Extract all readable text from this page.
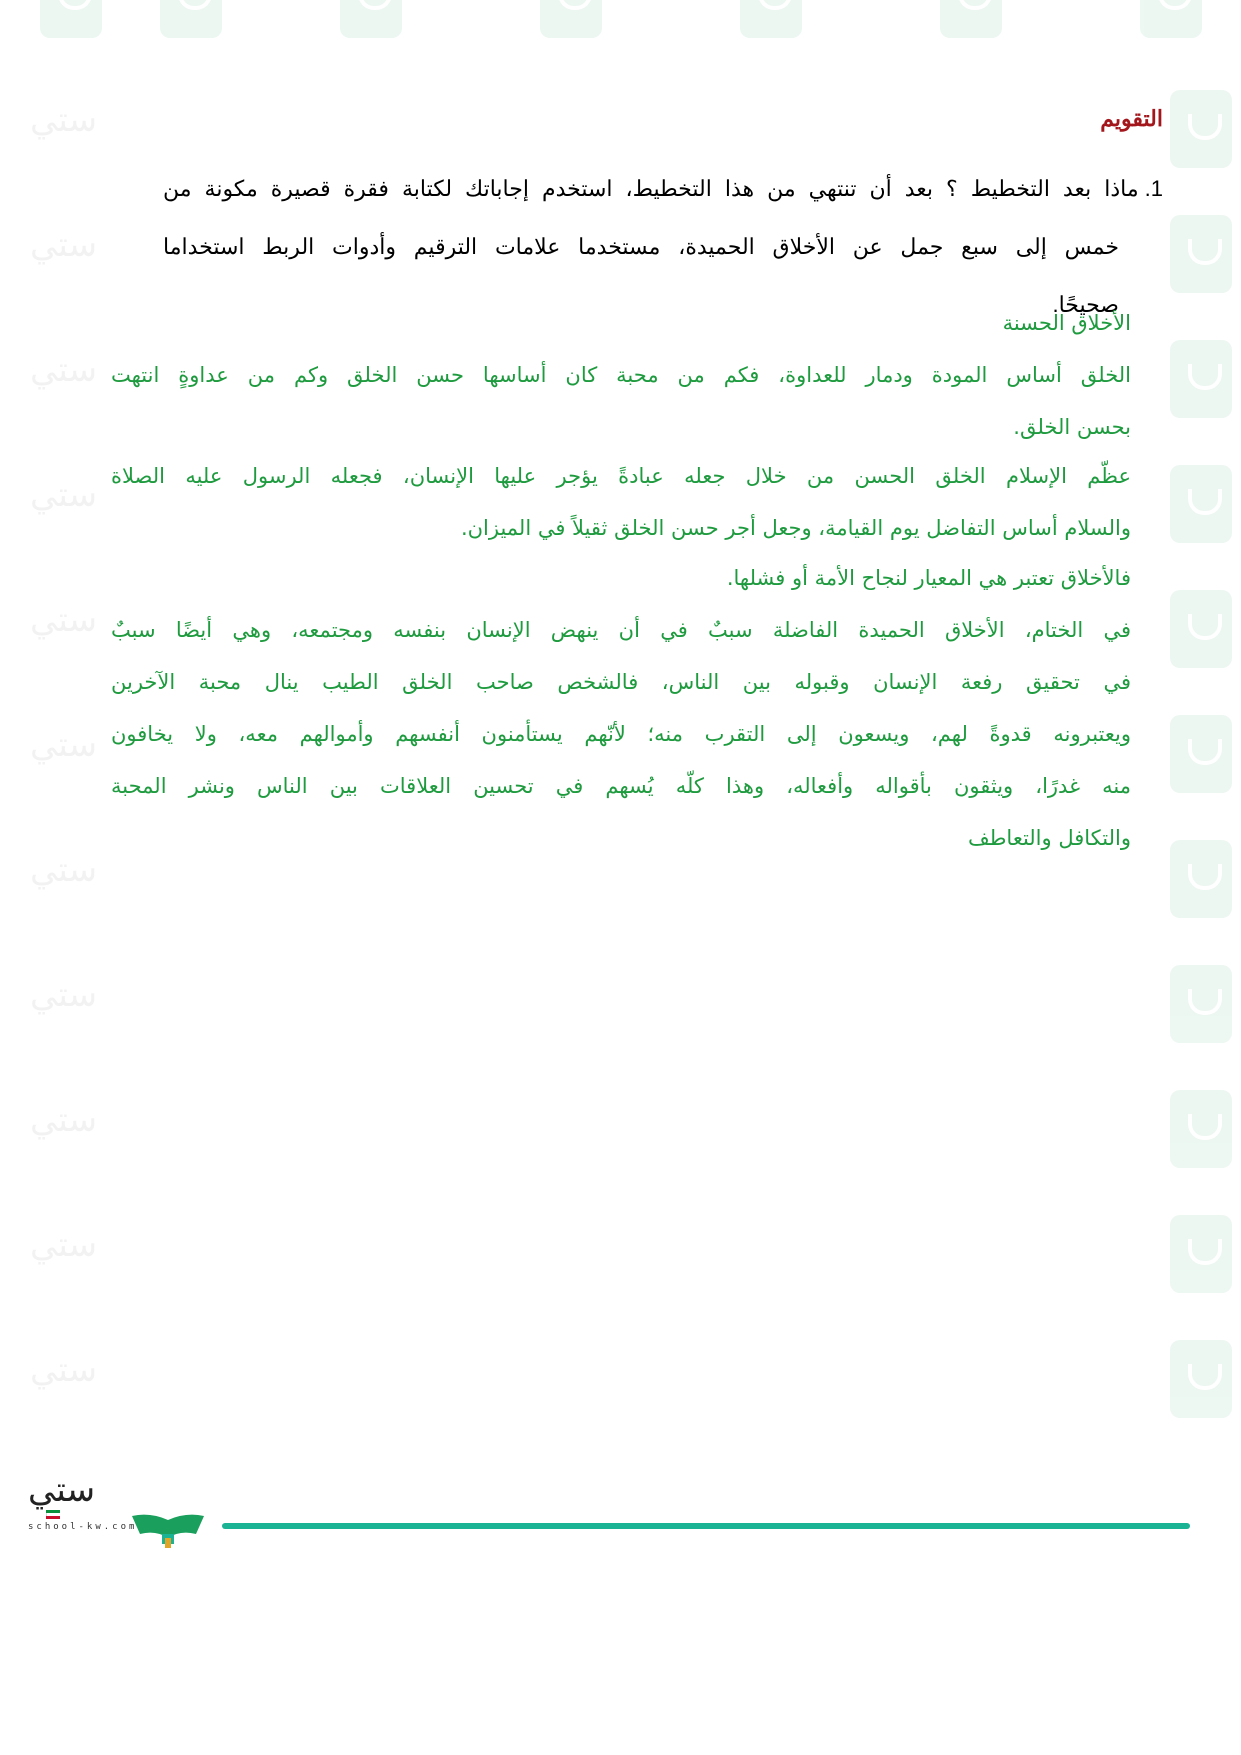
ﺳﺘﻲ
ﺳﺘﻲ
ﺳﺘﻲ
ﺳﺘﻲ
ﺳﺘﻲ
ﺳﺘﻲ
ﺳﺘﻲ
ﺳﺘﻲ
ﺳﺘﻲ
ﺳﺘﻲ
ﺳﺘﻲ
التقويم
1.ماذا بعد التخطيط ؟ بعد أن تنتهي من هذا التخطيط، استخدم إجاباتك لكتابة فقرة قصيرة مكونة من
خمس إلى سبع جمل عن الأخلاق الحميدة، مستخدما علامات الترقيم وأدوات الربط استخداما
صحيحًا.
الأخلاق الحسنة
الخلق أساس المودة ودمار للعداوة، فكم من محبة كان أساسها حسن الخلق وكم من عداوةٍ انتهت
بحسن الخلق.
عظّم الإسلام الخلق الحسن من خلال جعله عبادةً يؤجر عليها الإنسان، فجعله الرسول عليه الصلاة
والسلام أساس التفاضل يوم القيامة، وجعل أجر حسن الخلق ثقيلاً في الميزان.
فالأخلاق تعتبر هي المعيار لنجاح الأمة أو فشلها.
في الختام، الأخلاق الحميدة الفاضلة سببٌ في أن ينهض الإنسان بنفسه ومجتمعه، وهي أيضًا سببٌ
في تحقيق رفعة الإنسان وقبوله بين الناس، فالشخص صاحب الخلق الطيب ينال محبة الآخرين
ويعتبرونه قدوةً لهم، ويسعون إلى التقرب منه؛ لأنّهم يستأمنون أنفسهم وأموالهم معه، ولا يخافون
منه غدرًا، ويثقون بأقواله وأفعاله، وهذا كلّه يُسهم في تحسين العلاقات بين الناس ونشر المحبة
والتكافل والتعاطف
ﺳﺘﻲ
school-kw.com
